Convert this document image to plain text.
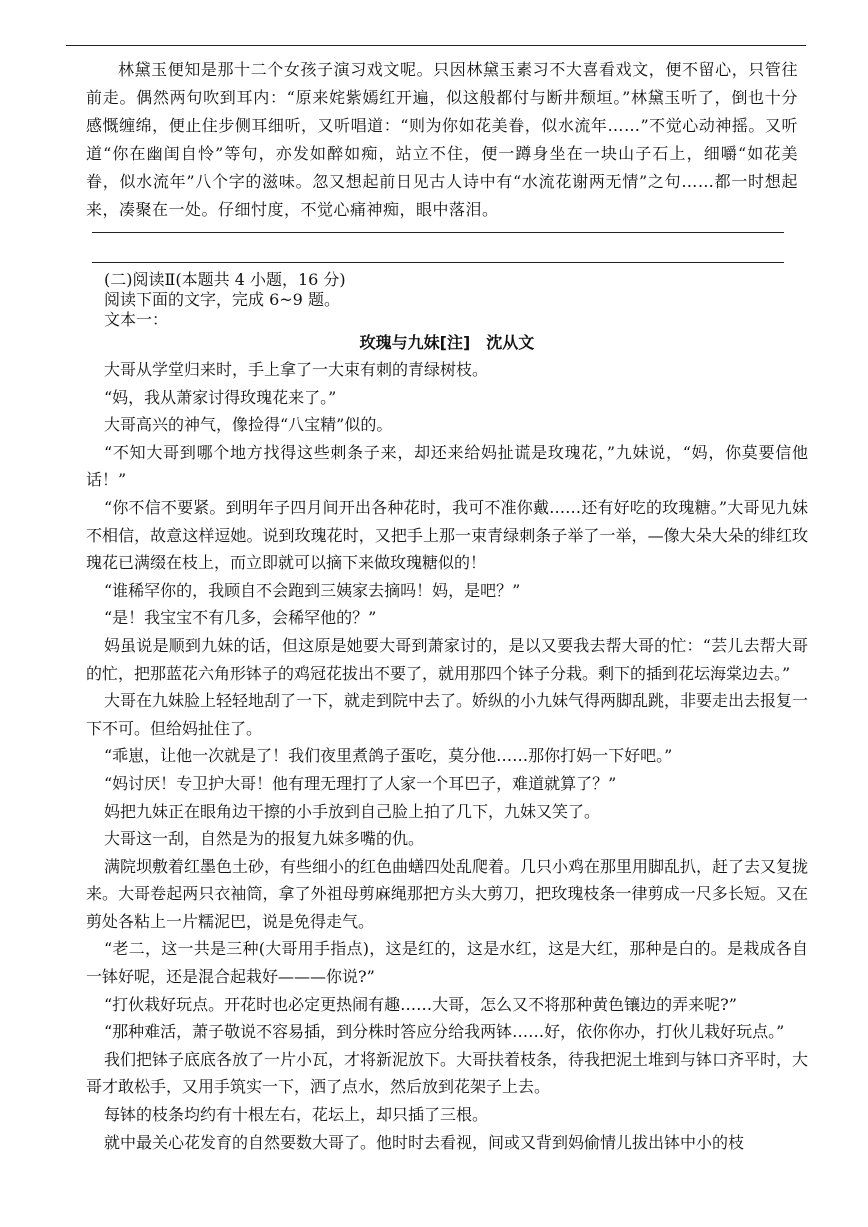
林黛玉便知是那十二个女孩子演习戏文呢。只因林黛玉素习不大喜看戏文，便不留心，只管往前走。偶然两句吹到耳内：“原来姹紫嫣红开遍，似这般都付与断井颓垣。”林黛玉听了，倒也十分感慨缠绵，便止住步侧耳细听，又听唱道：“则为你如花美眷，似水流年……”不觉心动神摇。又听道“你在幽闺自怜”等句，亦发如醉如痴，站立不住，便一蹲身坐在一块山子石上，细嚼“如花美眷，似水流年”八个字的滋味。忽又想起前日见古人诗中有“水流花谢两无情”之句……都一时想起来，凑聚在一处。仔细忖度，不觉心痛神痴，眼中落泪。

(二)阅读Ⅱ(本题共 4 小题，16 分)

阅读下面的文字，完成 6~9 题。

文本一：

玫瑰与九妹[注]　沈从文

大哥从学堂归来时，手上拿了一大束有刺的青绿树枝。

“妈，我从萧家讨得玫瑰花来了。”

大哥高兴的神气，像捡得“八宝精”似的。

“不知大哥到哪个地方找得这些刺条子来，却还来给妈扯谎是玫瑰花，”九妹说，“妈，你莫要信他话！”

“你不信不要紧。到明年子四月间开出各种花时，我可不准你戴……还有好吃的玫瑰糖。”大哥见九妹不相信，故意这样逗她。说到玫瑰花时，又把手上那一束青绿刺条子举了一举，—像大朵大朵的绯红玫瑰花已满缀在枝上，而立即就可以摘下来做玫瑰糖似的！

“谁稀罕你的，我顾自不会跑到三姨家去摘吗！妈，是吧？”

“是！我宝宝不有几多，会稀罕他的？”

妈虽说是顺到九妹的话，但这原是她要大哥到萧家讨的，是以又要我去帮大哥的忙：“芸儿去帮大哥的忙，把那蓝花六角形钵子的鸡冠花拔出不要了，就用那四个钵子分栽。剩下的插到花坛海棠边去。”

大哥在九妹脸上轻轻地刮了一下，就走到院中去了。娇纵的小九妹气得两脚乱跳，非要走出去报复一下不可。但给妈扯住了。

“乖崽，让他一次就是了！我们夜里煮鸽子蛋吃，莫分他……那你打妈一下好吧。”

“妈讨厌！专卫护大哥！他有理无理打了人家一个耳巴子，难道就算了？”

妈把九妹正在眼角边干擦的小手放到自己脸上拍了几下，九妹又笑了。

大哥这一刮，自然是为的报复九妹多嘴的仇。

满院坝敷着红墨色土砂，有些细小的红色曲蟮四处乱爬着。几只小鸡在那里用脚乱扒，赶了去又复拢来。大哥卷起两只衣袖筒，拿了外祖母剪麻绳那把方头大剪刀，把玫瑰枝条一律剪成一尺多长短。又在剪处各粘上一片糯泥巴，说是免得走气。

“老二，这一共是三种(大哥用手指点)，这是红的，这是水红，这是大红，那种是白的。是栽成各自一钵好呢，还是混合起栽好———你说?”

“打伙栽好玩点。开花时也必定更热闹有趣……大哥，怎么又不将那种黄色镶边的弄来呢?”

“那种难活，萧子敬说不容易插，到分株时答应分给我两钵……好，依你你办，打伙儿栽好玩点。”

我们把钵子底底各放了一片小瓦，才将新泥放下。大哥扶着枝条，待我把泥土堆到与钵口齐平时，大哥才敢松手，又用手筑实一下，洒了点水，然后放到花架子上去。

每钵的枝条均约有十根左右，花坛上，却只插了三根。

就中最关心花发育的自然要数大哥了。他时时去看视，间或又背到妈偷情儿拔出钵中小的枝
